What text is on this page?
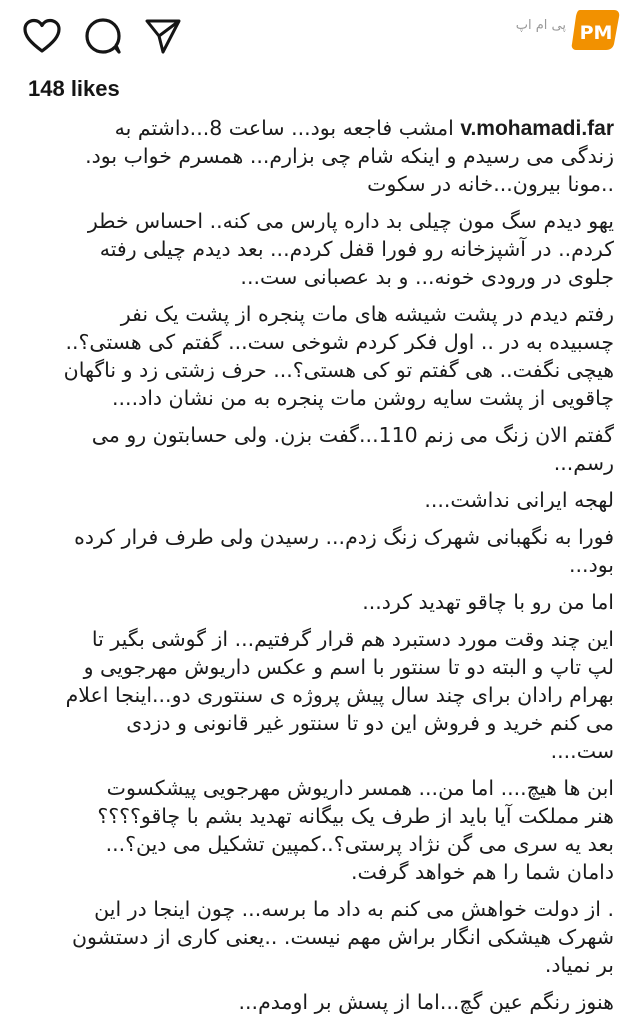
پی ام اپ PM
148 likes
v.mohamadi.far امشب فاجعه بود... ساعت 8...داشتم به
زندگی می رسیدم و اینکه شام چی بزارم... همسرم خواب بود.
..مونا بیرون...خانه در سکوت
یهو دیدم سگ مون چیلی بد داره پارس می کنه.. احساس خطر
کردم.. در آشپزخانه رو فورا قفل کردم... بعد دیدم چیلی رفته
جلوی در ورودی خونه... و بد عصبانی ست...
رفتم دیدم در پشت شیشه های مات پنجره از پشت یک نفر
چسبیده به در .. اول فکر کردم شوخی ست... گفتم کی هستی؟..
هیچی نگفت.. هی گفتم تو کی هستی؟... حرف زشتی زد و ناگهان
چاقویی از پشت سایه روشن مات پنجره به من نشان داد....
گفتم الان زنگ می زنم 110...گفت بزن. ولی حسابتون رو می
رسم...
لهجه ایرانی نداشت....
فورا به نگهبانی شهرک زنگ زدم... رسیدن ولی طرف فرار کرده
بود...
اما من رو با چاقو تهدید کرد...
این چند وقت مورد دستبرد هم قرار گرفتیم... از گوشی بگیر تا
لپ تاپ و البته دو تا سنتور با اسم و عکس داریوش مهرجویی و
بهرام رادان برای چند سال پیش پروژه ی سنتوری دو...اینجا اعلام
می کنم خرید و فروش این دو تا سنتور غیر قانونی و دزدی
ست....
ابن ها هیچ.... اما من... همسر داریوش مهرجویی پیشکسوت
هنر مملکت آیا باید از طرف یک بیگانه تهدید بشم با چاقو؟؟؟؟
بعد یه سری می گن نژاد پرستی؟..کمپین تشکیل می دین؟...
دامان شما را هم خواهد گرفت.
. از دولت خواهش می کنم به داد ما برسه... چون اینجا در این
شهرک هیشکی انگار براش مهم نیست. ..یعنی کاری از دستشون
بر نمیاد.
هنوز رنگم عین گچ...اما از پسش بر اومدم...
